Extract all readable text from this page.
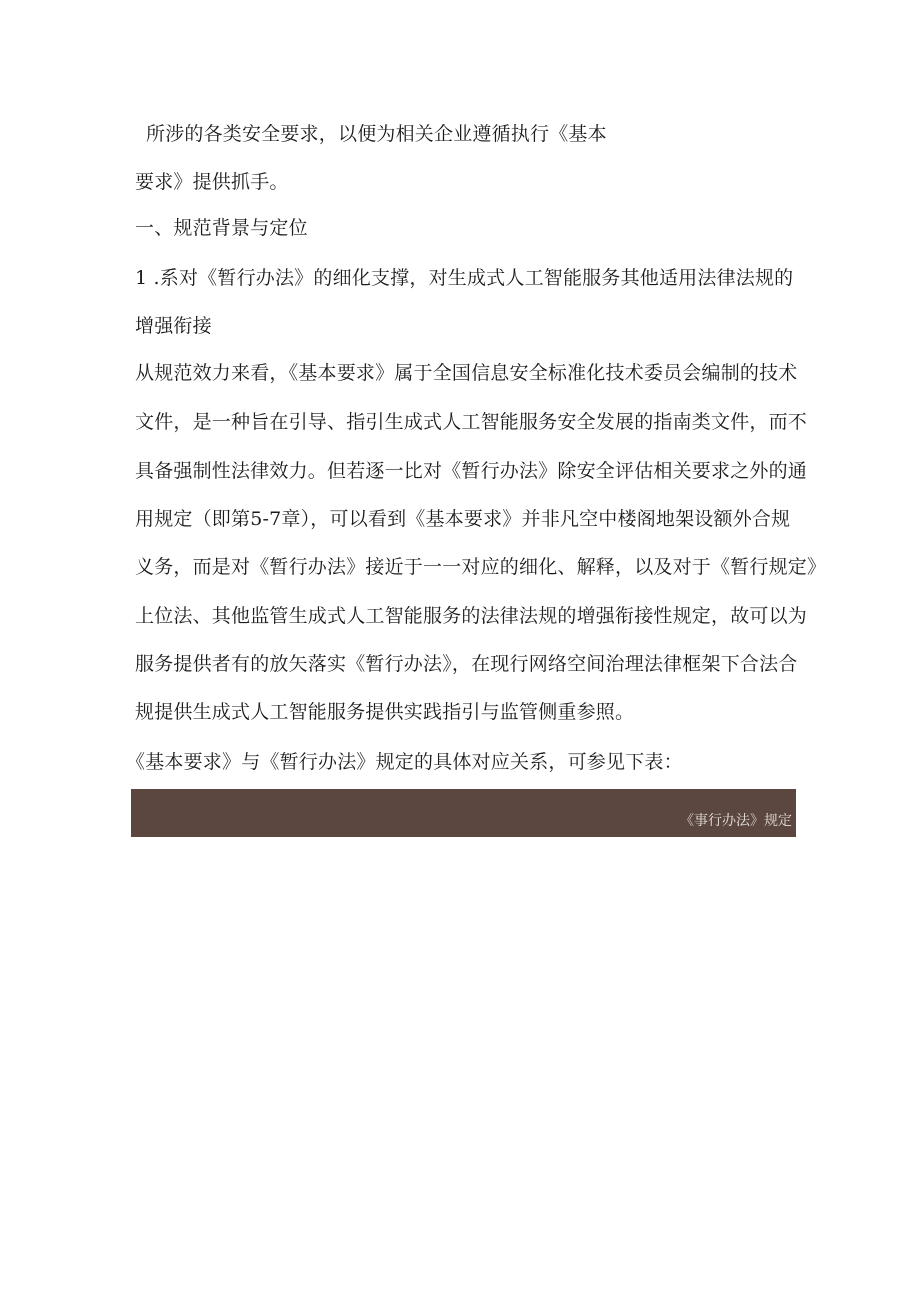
所涉的各类安全要求，以便为相关企业遵循执行《基本
要求》提供抓手。
一、规范背景与定位
1 .系对《暂行办法》的细化支撑，对生成式人工智能服务其他适用法律法规的
增强衔接
从规范效力来看，《基本要求》属于全国信息安全标准化技术委员会编制的技术
文件，是一种旨在引导、指引生成式人工智能服务安全发展的指南类文件，而不
具备强制性法律效力。但若逐一比对《暂行办法》除安全评估相关要求之外的通
用规定（即第5-7章），可以看到《基本要求》并非凡空中楼阁地架设额外合规
义务，而是对《暂行办法》接近于一一对应的细化、解释，以及对于《暂行规定》
上位法、其他监管生成式人工智能服务的法律法规的增强衔接性规定，故可以为
服务提供者有的放矢落实《暂行办法》，在现行网络空间治理法律框架下合法合
规提供生成式人工智能服务提供实践指引与监管侧重参照。
《基本要求》与《暂行办法》规定的具体对应关系，可参见下表：
《事行办法》规定
